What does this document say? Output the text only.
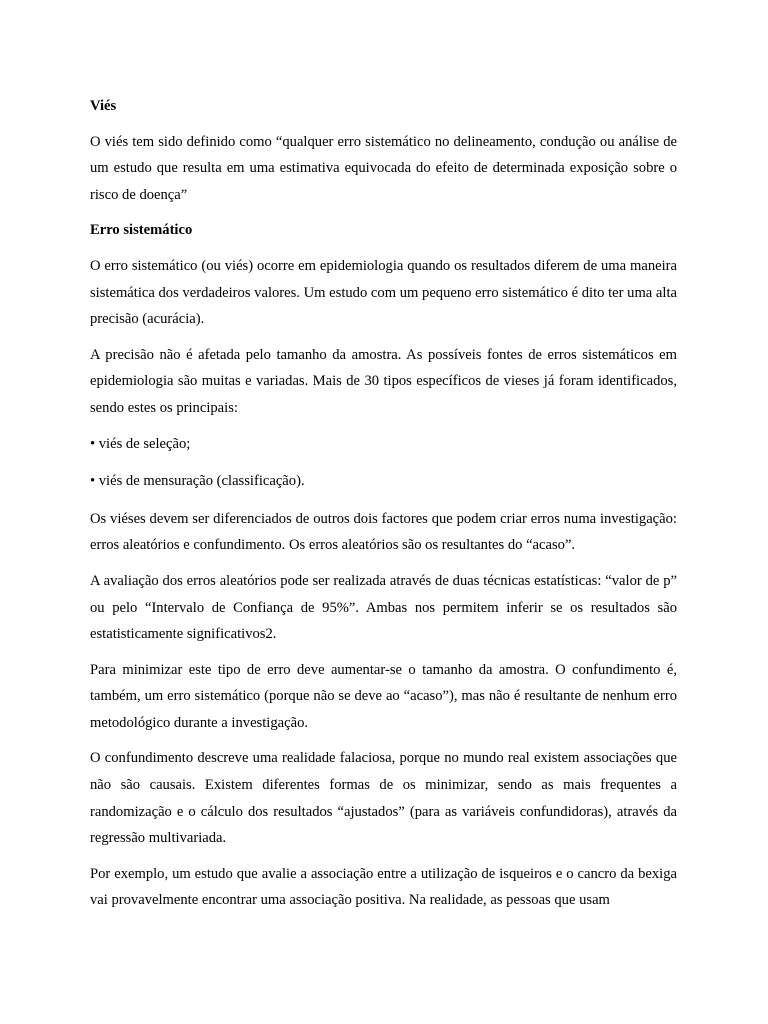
Viés
O viés tem sido definido como “qualquer erro sistemático no delineamento, condução ou análise de um estudo que resulta em uma estimativa equivocada do efeito de determinada exposição sobre o risco de doença”
Erro sistemático
O erro sistemático (ou viés) ocorre em epidemiologia quando os resultados diferem de uma maneira sistemática dos verdadeiros valores. Um estudo com um pequeno erro sistemático é dito ter uma alta precisão (acurácia).
A precisão não é afetada pelo tamanho da amostra. As possíveis fontes de erros sistemáticos em epidemiologia são muitas e variadas. Mais de 30 tipos específicos de vieses já foram identificados, sendo estes os principais:
• viés de seleção;
• viés de mensuração (classificação).
Os viéses devem ser diferenciados de outros dois factores que podem criar erros numa investigação: erros aleatórios e confundimento. Os erros aleatórios são os resultantes do “acaso”.
A avaliação dos erros aleatórios pode ser realizada através de duas técnicas estatísticas: “valor de p” ou pelo “Intervalo de Confiança de 95%”. Ambas nos permitem inferir se os resultados são estatisticamente significativos2.
Para minimizar este tipo de erro deve aumentar-se o tamanho da amostra. O confundimento é, também, um erro sistemático (porque não se deve ao “acaso”), mas não é resultante de nenhum erro metodológico durante a investigação.
O confundimento descreve uma realidade falaciosa, porque no mundo real existem associações que não são causais. Existem diferentes formas de os minimizar, sendo as mais frequentes a randomização e o cálculo dos resultados “ajustados” (para as variáveis confundidoras), através da regressão multivariada.
Por exemplo, um estudo que avalie a associação entre a utilização de isqueiros e o cancro da bexiga vai provavelmente encontrar uma associação positiva. Na realidade, as pessoas que usam
